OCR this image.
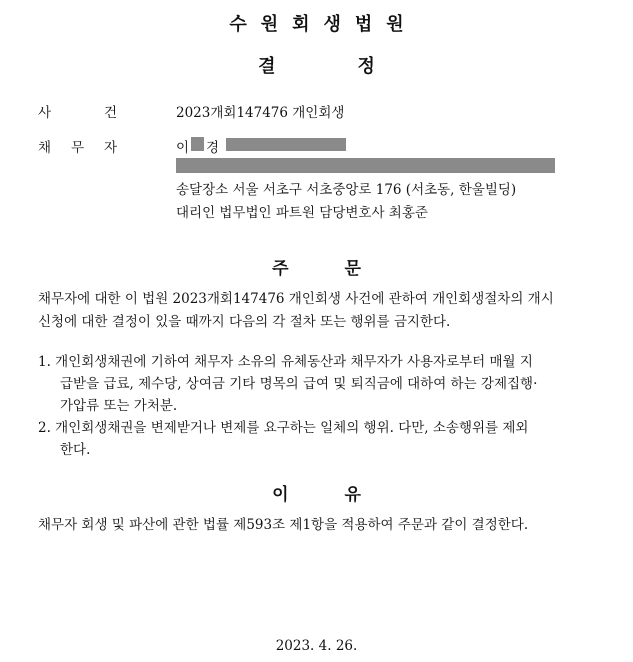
수원회생법원
결	정
사	건	2023개회147476 개인회생
채 무 자	이 경
송달장소 서울 서초구 서초중앙로 176 (서초동, 한울빌딩)
대리인 법무법인 파트원 담당변호사 최홍준
주	문
채무자에 대한 이 법원 2023개회147476 개인회생 사건에 관하여 개인회생절차의 개시
신청에 대한 결정이 있을 때까지 다음의 각 절차 또는 행위를 금지한다.
1. 개인회생채권에 기하여 채무자 소유의 유체동산과 채무자가 사용자로부터 매월 지
급받을 급료, 제수당, 상여금 기타 명목의 급여 및 퇴직금에 대하여 하는 강제집행·
가압류 또는 가처분.
2. 개인회생채권을 변제받거나 변제를 요구하는 일체의 행위. 다만, 소송행위를 제외
한다.
이	유
채무자 회생 및 파산에 관한 법률 제593조 제1항을 적용하여 주문과 같이 결정한다.
2023. 4. 26.
